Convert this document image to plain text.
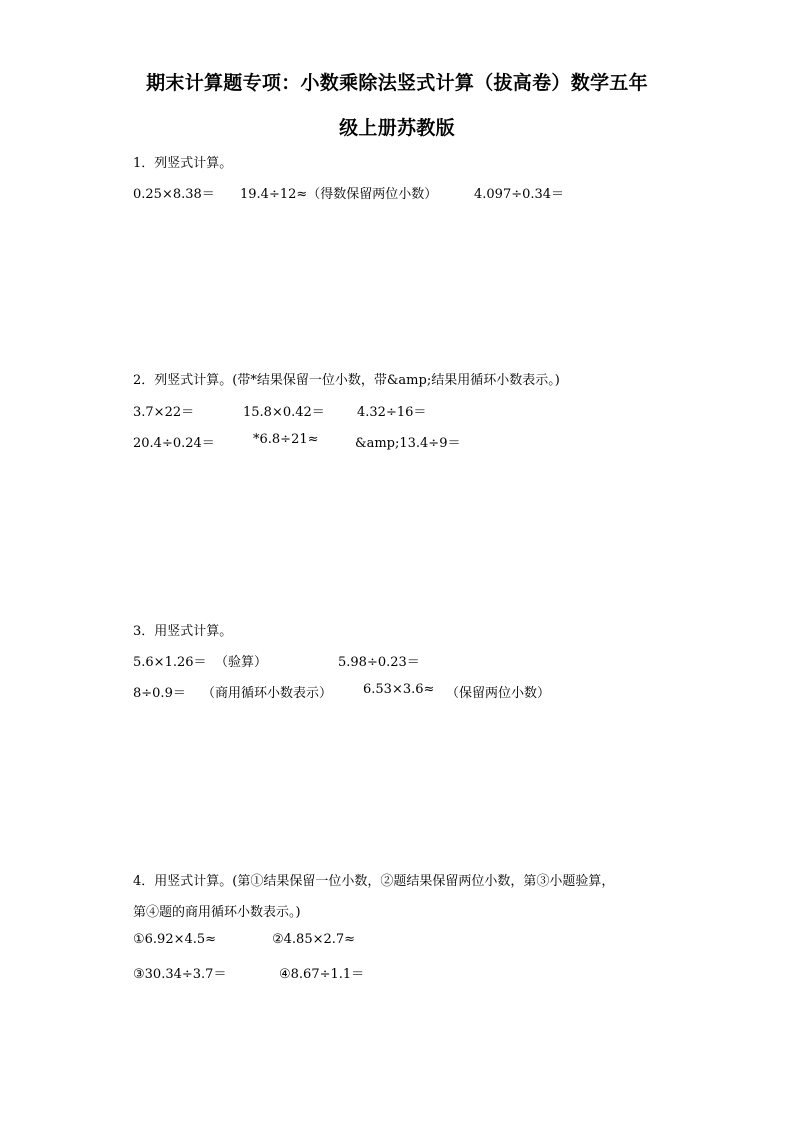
期末计算题专项：小数乘除法竖式计算（拔高卷）数学五年
级上册苏教版
1．列竖式计算。
0.25×8.38＝ 19.4÷12≈（得数保留两位小数）	4.097÷0.34＝
2．列竖式计算。(带*结果保留一位小数，带&amp;结果用循环小数表示。)
3.7×22＝	15.8×0.42＝ 4.32÷16＝
20.4÷0.24＝	*6.8÷21≈	&amp;13.4÷9＝
3．用竖式计算。
5.6×1.26＝ （验算）	5.98÷0.23＝
8÷0.9＝ （商用循环小数表示） 6.53×3.6≈ （保留两位小数）
4．用竖式计算。(第①结果保留一位小数，②题结果保留两位小数，第③小题验算，
第④题的商用循环小数表示。)
①6.92×4.5≈	②4.85×2.7≈
③30.34÷3.7＝	④8.67÷1.1＝
